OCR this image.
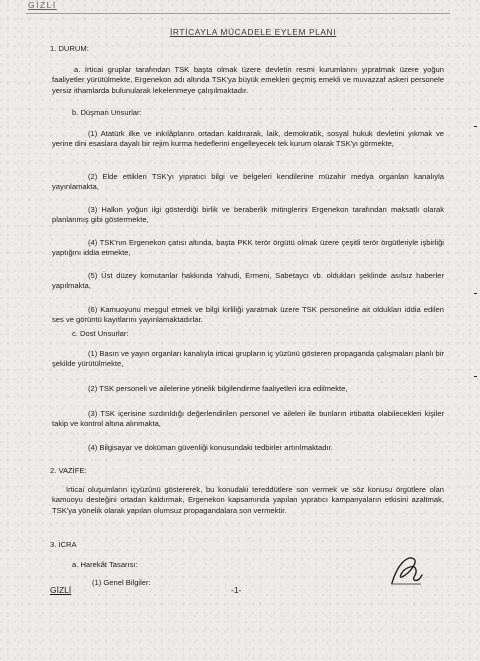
GİZLİ
İRTİCAYLA MÜCADELE EYLEM PLANI

1. DURUM:

a. İrticai gruplar tarafından TSK başta olmak üzere devletin resmi kurumlarını yıpratmak üzere yoğun faaliyetler yürütülmekte, Ergenekon adı altında TSK'ya büyük emekleri geçmiş emekli ve muvazzaf askeri personele yersiz ithamlarda bulunularak lekelenmeye çalışılmaktadır.

b. Düşman Unsurlar:

(1) Atatürk ilke ve inkılâplarını ortadan kaldırarak, laik, demokratik, sosyal hukuk devletini yıkmak ve yerine dini esaslara dayalı bir rejim kurma hedeflerini engelleyecek tek kurum olarak TSK'yı görmekte,

(2) Elde ettikleri TSK'yı yıpratıcı bilgi ve belgeleri kendilerine müzahir medya organları kanalıyla yayınlamakta,

(3) Halkın yoğun ilgi gösterdiği birlik ve beraberlik mitinglerini Ergenekon tarafından maksatlı olarak planlanmış gibi göstermekte,

(4) TSK'nın Ergenekon çatısı altında, başta PKK terör örgütü olmak üzere çeşitli terör örgütleriyle işbirliği yaptığını iddia etmekte,

(5) Üst düzey komutanlar hakkında Yahudi, Ermeni, Sabetaycı vb. oldukları şeklinde asılsız haberler yapılmakta,

(6) Kamuoyunu meşgul etmek ve bilgi kirliliği yaratmak üzere TSK personeline ait oldukları iddia edilen ses ve görüntü kayıtlarını yayınlamaktadırlar.

c. Dost Unsurlar:

(1) Basın ve yayın organları kanalıyla irticai grupların iç yüzünü gösteren propaganda çalışmaları planlı bir şekilde yürütülmekte,

(2) TSK personeli ve ailelerine yönelik bilgilendirme faaliyetleri icra edilmekte,

(3) TSK içerisine sızdırıldığı değerlendirilen personel ve aileleri ile bunların irtibatta olabilecekleri kişiler takip ve kontrol altına alınmakta,

(4) Bilgisayar ve doküman güvenliği konusundaki tedbirler artırılmaktadır.

2. VAZİFE:

İrticai oluşumların içyüzünü göstererek, bu konudaki tereddütlere son vermek ve söz konusu örgütlere olan kamuoyu desteğini ortadan kaldırmak, Ergenekon kapsamında yapılan yıpratıcı kampanyaların etkisini azaltmak, TSK'ya yönelik olarak yapılan olumsuz propagandalara son vermektir.

3. İCRA

a. Harekât Tasarısı:

(1) Genel Bilgiler:

GİZLİ	-1-
